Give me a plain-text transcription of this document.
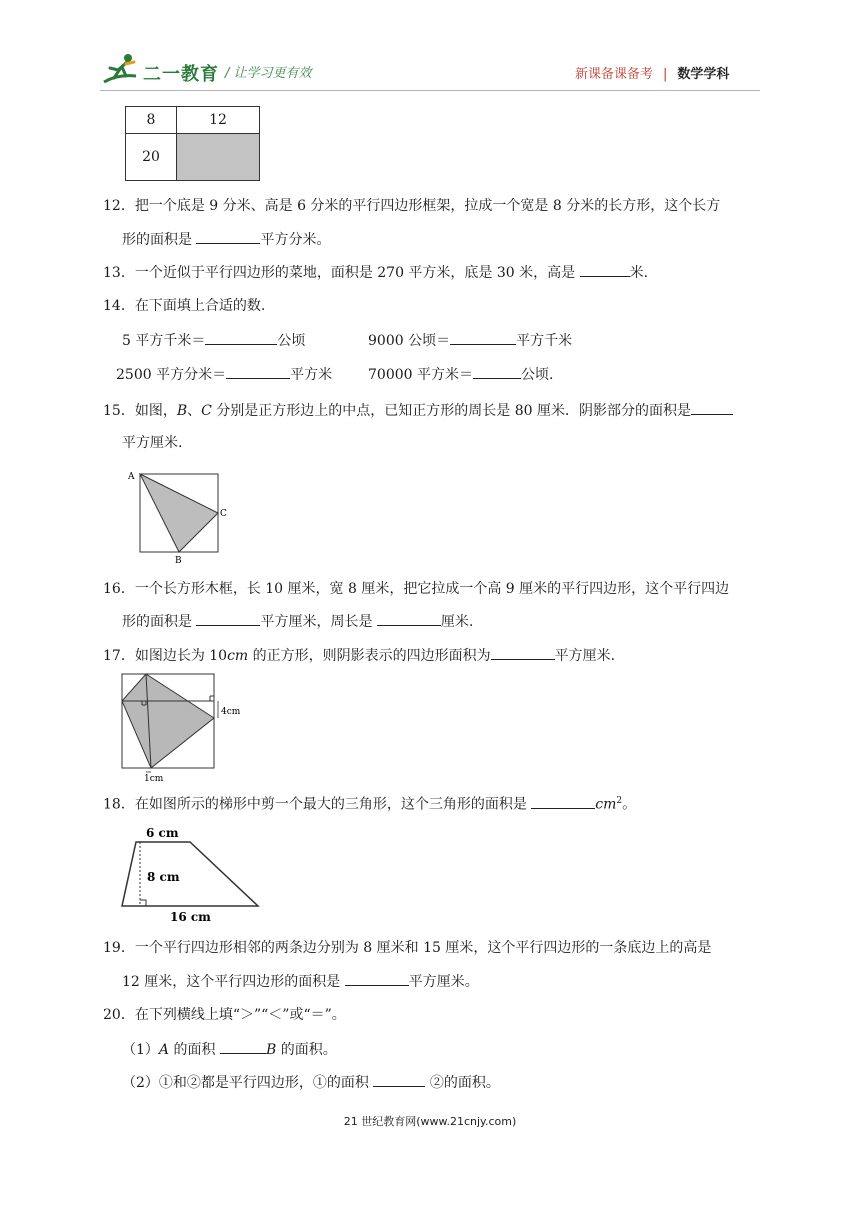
二一教育 / 让学习更有效	新课备课备考 | 数学学科
8	12
20	
12．把一个底是 9 分米、高是 6 分米的平行四边形框架，拉成一个宽是 8 分米的长方形，这个长方
形的面积是	平方分米。
13．一个近似于平行四边形的菜地，面积是 270 平方米，底是 30 米，高是	米.
14．在下面填上合适的数.
5 平方千米＝	公顷	9000 公顷＝	平方千米
2500 平方分米＝	平方米	70000 平方米＝	公顷.
15．如图，B、C 分别是正方形边上的中点，已知正方形的周长是 80 厘米．阴影部分的面积是
平方厘米.
A
C
B
16．一个长方形木框，长 10 厘米，宽 8 厘米，把它拉成一个高 9 厘米的平行四边形，这个平行四边
形的面积是	平方厘米，周长是	厘米.
17．如图边长为 10cm 的正方形，则阴影表示的四边形面积为	平方厘米.
4cm
1cm
18．在如图所示的梯形中剪一个最大的三角形，这个三角形的面积是	$cm^2$。
6 cm
8 cm
16 cm
19．一个平行四边形相邻的两条边分别为 8 厘米和 15 厘米，这个平行四边形的一条底边上的高是
12 厘米，这个平行四边形的面积是	平方厘米。
20．在下列横线上填“＞”“＜”或“＝”。
（1）A 的面积	B 的面积。
（2）①和②都是平行四边形，①的面积	②的面积。
21 世纪教育网(www.21cnjy.com)
